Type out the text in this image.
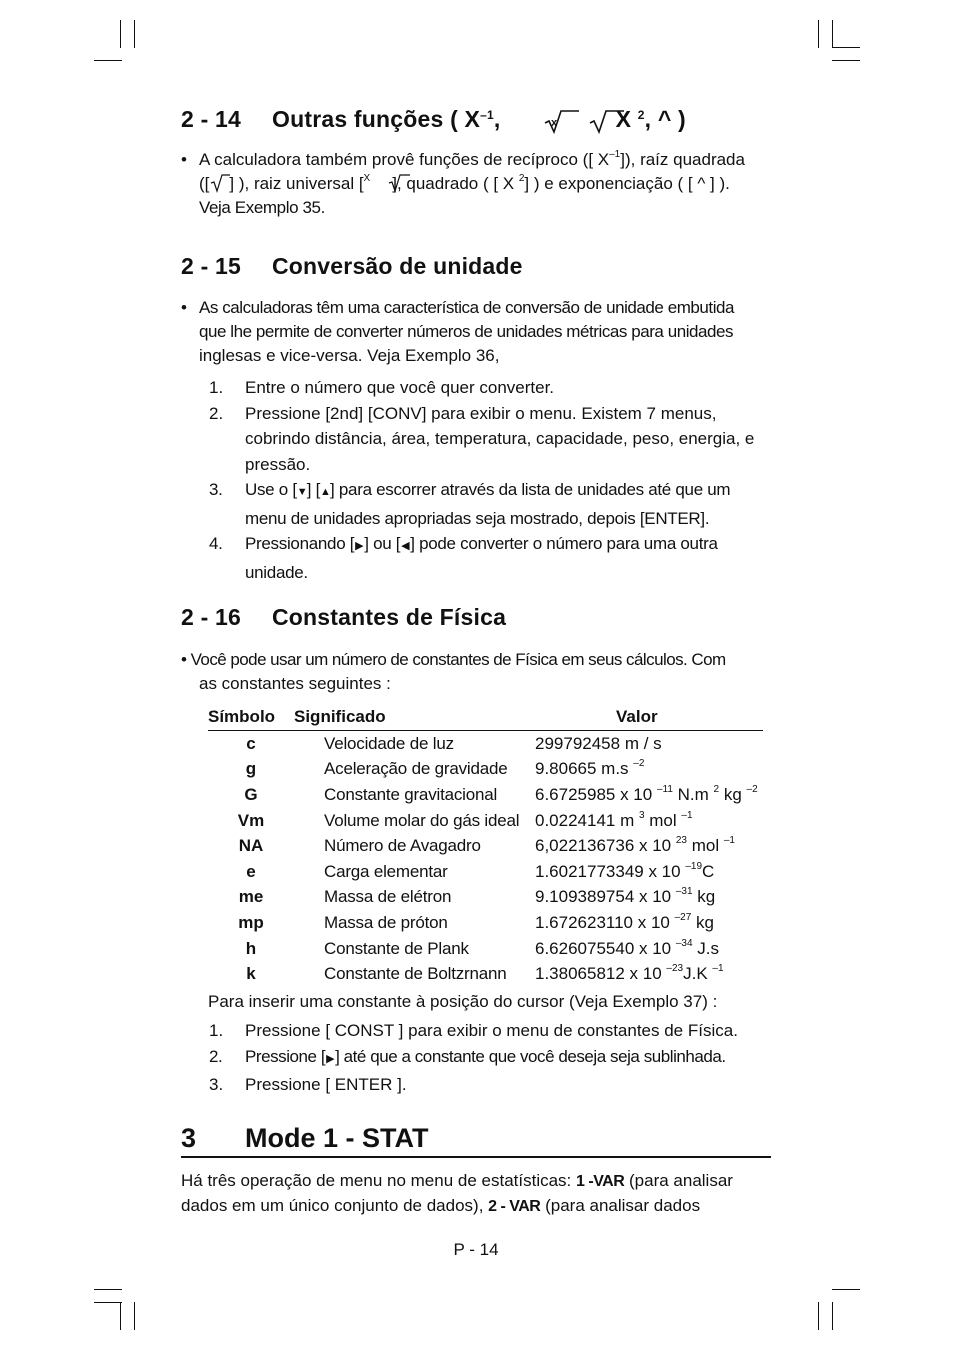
2 - 14 Outras funções ( $X^{-1}$,	x	X $^2$, ^ )
• A calculadora também provê funções de recíproco ([ $X^{-1}$]), raíz quadrada
([ ] ), raiz universal [$^X$ ], quadrado ( [ X $^2$] ) e exponenciação ( [ ^ ] ).
Veja Exemplo 35.
2 - 15 Conversão de unidade
• As calculadoras têm uma característica de conversão de unidade embutida
que lhe permite de converter números de unidades métricas para unidades
inglesas e vice-versa. Veja Exemplo 36,
1. Entre o número que você quer converter.
2. Pressione [2nd] [CONV] para exibir o menu. Existem 7 menus, cobrindo distância, área, temperatura, capacidade, peso, energia, e pressão.
3. Use o [▼] [▲] para escorrer através da lista de unidades até que um menu de unidades apropriadas seja mostrado, depois [ENTER].
4. Pressionando [▶] ou [◀] pode converter o número para uma outra unidade.
2 - 16 Constantes de Física
• Você pode usar um número de constantes de Física em seus cálculos. Com
as constantes seguintes :
Símbolo	Significado	Valor
c	Velocidade de luz	299792458 m / s
g	Aceleração de gravidade	9.80665 m.s $^{-2}$
G	Constante gravitacional	6.6725985 x 10 $^{-11}$ N.m $^2$ kg $^{-2}$
Vm	Volume molar do gás ideal	0.0224141 m $^3$ mol $^{-1}$
NA	Número de Avagadro	6,022136736 x 10 $^{23}$ mol $^{-1}$
e	Carga elementar	1.6021773349 x 10 $^{-19}$C
me	Massa de elétron	9.109389754 x 10 $^{-31}$ kg
mp	Massa de próton	1.672623110 x 10 $^{-27}$ kg
h	Constante de Plank	6.626075540 x 10 $^{-34}$ J.s
k	Constante de Boltzrnann	1.38065812 x 10 $^{-23}$J.K $^{-1}$
Para inserir uma constante à posição do cursor (Veja Exemplo 37) :
1. Pressione [ CONST ] para exibir o menu de constantes de Física.
2. Pressione [▶] até que a constante que você deseja seja sublinhada.
3. Pressione [ ENTER ].
3 Mode 1 - STAT
Há três operação de menu no menu de estatísticas: 1 -VAR (para analisar
dados em um único conjunto de dados), 2 - VAR (para analisar dados
P - 14
